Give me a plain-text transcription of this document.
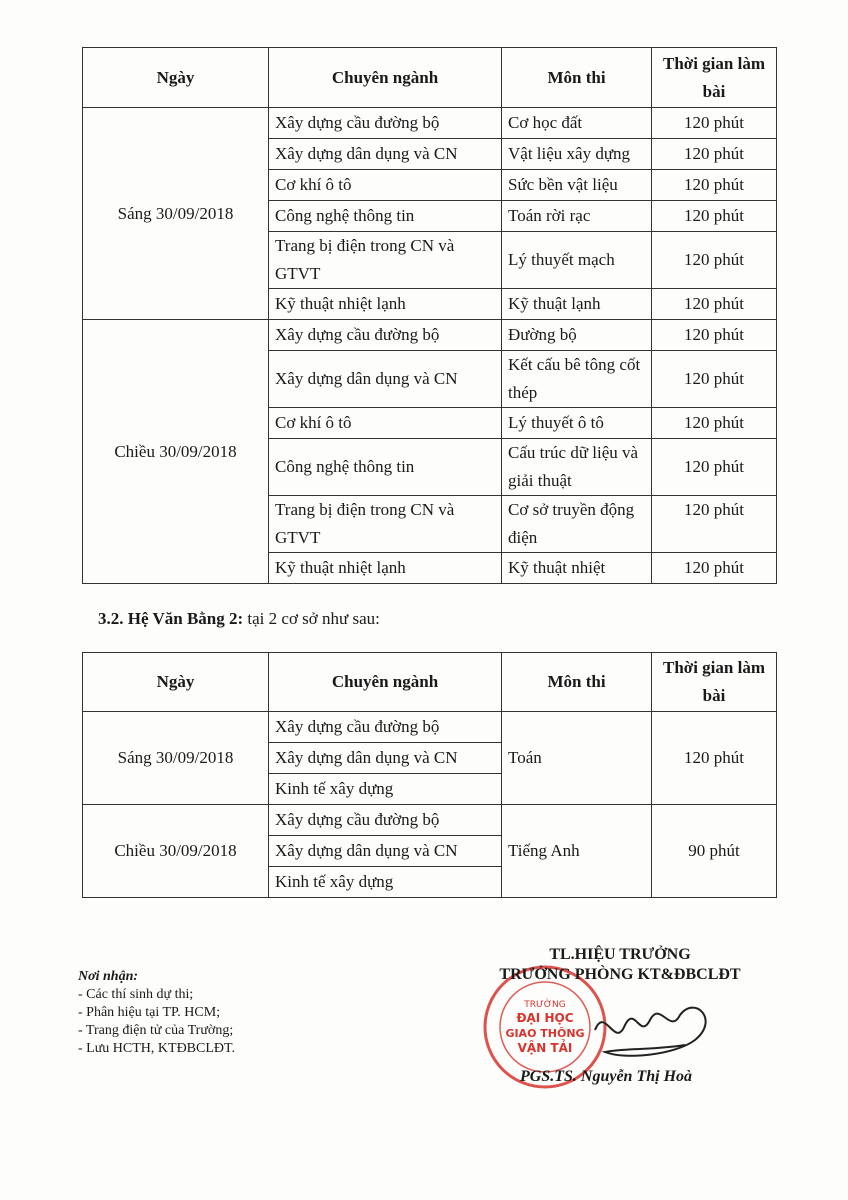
Ngày	Chuyên ngành	Môn thi	Thời gian làm bài
Sáng 30/09/2018	Xây dựng cầu đường bộ	Cơ học đất	120 phút
	Xây dựng dân dụng và CN	Vật liệu xây dựng	120 phút
	Cơ khí ô tô	Sức bền vật liệu	120 phút
	Công nghệ thông tin	Toán rời rạc	120 phút
	Trang bị điện trong CN và GTVT	Lý thuyết mạch	120 phút
	Kỹ thuật nhiệt lạnh	Kỹ thuật lạnh	120 phút
Chiều 30/09/2018	Xây dựng cầu đường bộ	Đường bộ	120 phút
	Xây dựng dân dụng và CN	Kết cấu bê tông cốt thép	120 phút
	Cơ khí ô tô	Lý thuyết ô tô	120 phút
	Công nghệ thông tin	Cấu trúc dữ liệu và giải thuật	120 phút
	Trang bị điện trong CN và GTVT	Cơ sở truyền động điện	120 phút
	Kỹ thuật nhiệt lạnh	Kỹ thuật nhiệt	120 phút
3.2. Hệ Văn Bằng 2: tại 2 cơ sở như sau:
Ngày	Chuyên ngành	Môn thi	Thời gian làm bài
Sáng 30/09/2018	Xây dựng cầu đường bộ	Toán	120 phút
	Xây dựng dân dụng và CN		
	Kinh tế xây dựng		
Chiều 30/09/2018	Xây dựng cầu đường bộ	Tiếng Anh	90 phút
	Xây dựng dân dụng và CN		
	Kinh tế xây dựng		
Nơi nhận:
- Các thí sinh dự thi;
- Phân hiệu tại TP. HCM;
- Trang điện tử của Trường;
- Lưu HCTH, KTĐBCLĐT.
TRƯỜNG
ĐẠI HỌC
GIAO THÔNG
VẬN TẢI
TL.HIỆU TRƯỞNG
TRƯỞNG PHÒNG KT&ĐBCLĐT
PGS.TS. Nguyễn Thị Hoà
